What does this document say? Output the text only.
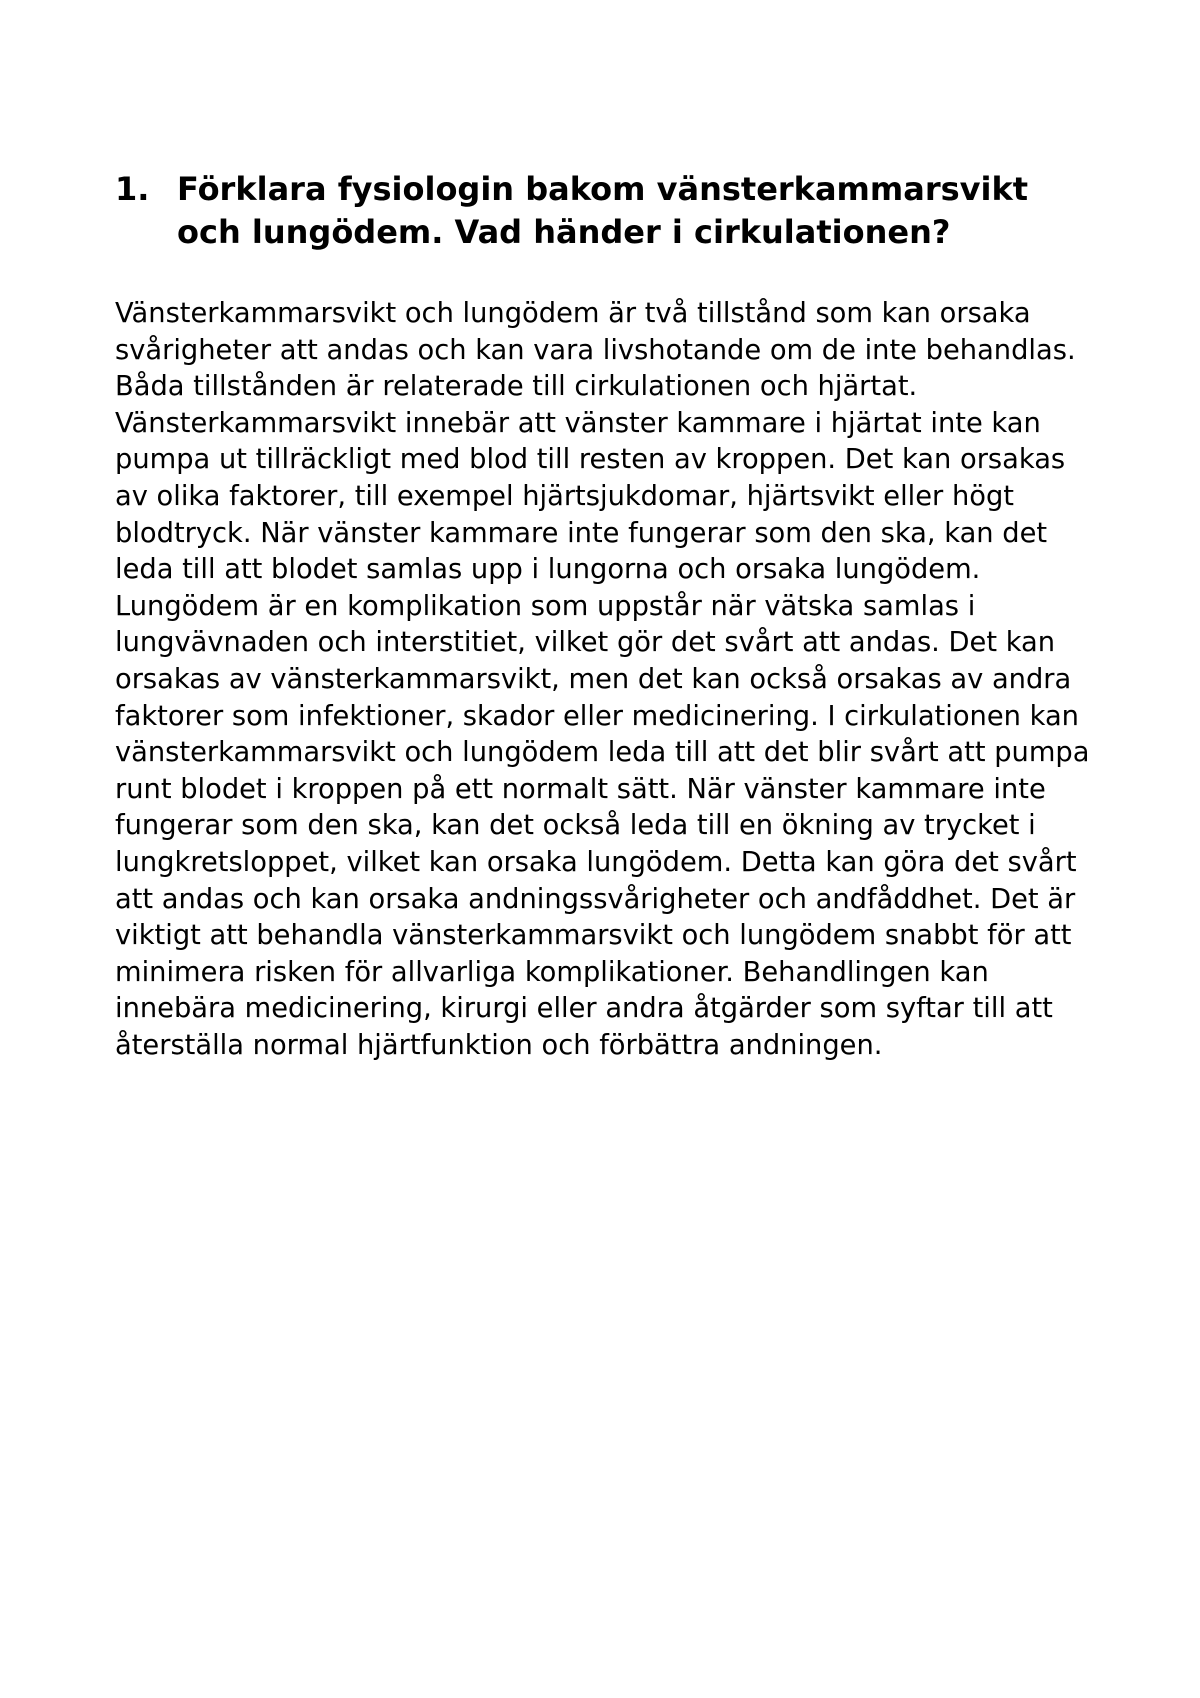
1. Förklara fysiologin bakom vänsterkammarsvikt och lungödem. Vad händer i cirkulationen?

Vänsterkammarsvikt och lungödem är två tillstånd som kan orsaka svårigheter att andas och kan vara livshotande om de inte behandlas. Båda tillstånden är relaterade till cirkulationen och hjärtat. Vänsterkammarsvikt innebär att vänster kammare i hjärtat inte kan pumpa ut tillräckligt med blod till resten av kroppen. Det kan orsakas av olika faktorer, till exempel hjärtsjukdomar, hjärtsvikt eller högt blodtryck. När vänster kammare inte fungerar som den ska, kan det leda till att blodet samlas upp i lungorna och orsaka lungödem. Lungödem är en komplikation som uppstår när vätska samlas i lungvävnaden och interstitiet, vilket gör det svårt att andas. Det kan orsakas av vänsterkammarsvikt, men det kan också orsakas av andra faktorer som infektioner, skador eller medicinering. I cirkulationen kan vänsterkammarsvikt och lungödem leda till att det blir svårt att pumpa runt blodet i kroppen på ett normalt sätt. När vänster kammare inte fungerar som den ska, kan det också leda till en ökning av trycket i lungkretsloppet, vilket kan orsaka lungödem. Detta kan göra det svårt att andas och kan orsaka andningssvårigheter och andfåddhet. Det är viktigt att behandla vänsterkammarsvikt och lungödem snabbt för att minimera risken för allvarliga komplikationer. Behandlingen kan innebära medicinering, kirurgi eller andra åtgärder som syftar till att återställa normal hjärtfunktion och förbättra andningen.
